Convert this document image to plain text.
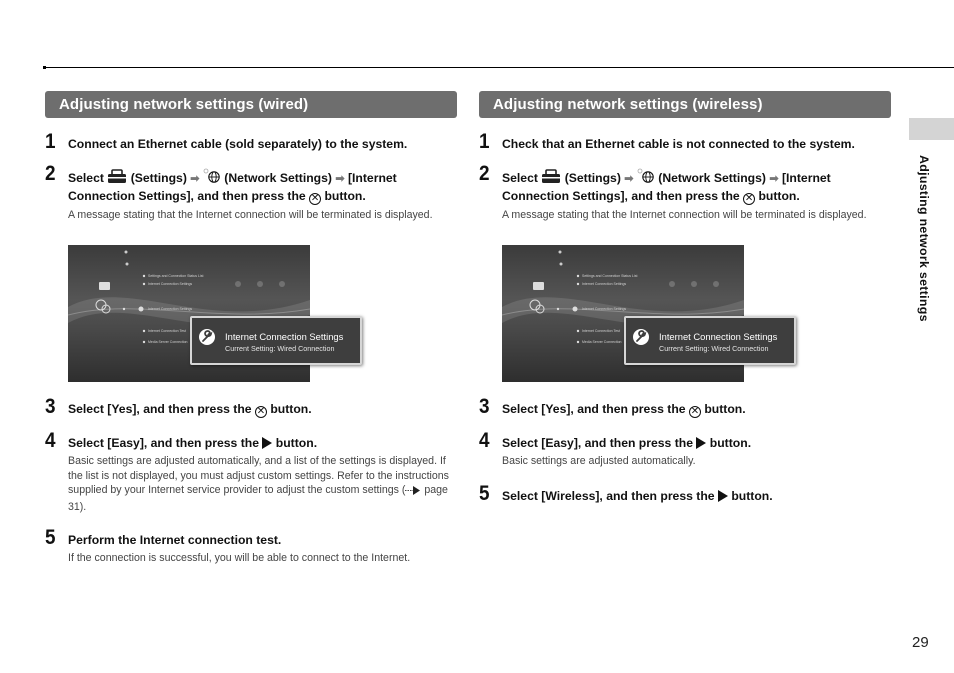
Adjusting network settings (wired)
1 Connect an Ethernet cable (sold separately) to the system.
2 Select (Settings) ➡ (Network Settings) ➡ [Internet Connection Settings], and then press the ✕ button.
A message stating that the Internet connection will be terminated is displayed.
Settings and Connection Status List
Internet Connection Settings
Internet Connection Settings
Internet Connection Test
Media Server Connection	Internet Connection Settings
Current Setting: Wired Connection
3 Select [Yes], and then press the ✕ button.
4 Select [Easy], and then press the button.
Basic settings are adjusted automatically, and a list of the settings is displayed. If the list is not displayed, you must adjust custom settings. Refer to the instructions supplied by your Internet service provider to adjust the custom settings ( page 31).
5 Perform the Internet connection test.
If the connection is successful, you will be able to connect to the Internet.
Adjusting network settings (wireless)
1 Check that an Ethernet cable is not connected to the system.
2 Select (Settings) ➡ (Network Settings) ➡ [Internet Connection Settings], and then press the ✕ button.
A message stating that the Internet connection will be terminated is displayed.
Settings and Connection Status List
Internet Connection Settings
Internet Connection Settings
Internet Connection Test
Media Server Connection	Internet Connection Settings
Current Setting: Wired Connection
3 Select [Yes], and then press the ✕ button.
4 Select [Easy], and then press the button.
Basic settings are adjusted automatically.
5 Select [Wireless], and then press the button.
Adjusting network settings
29
